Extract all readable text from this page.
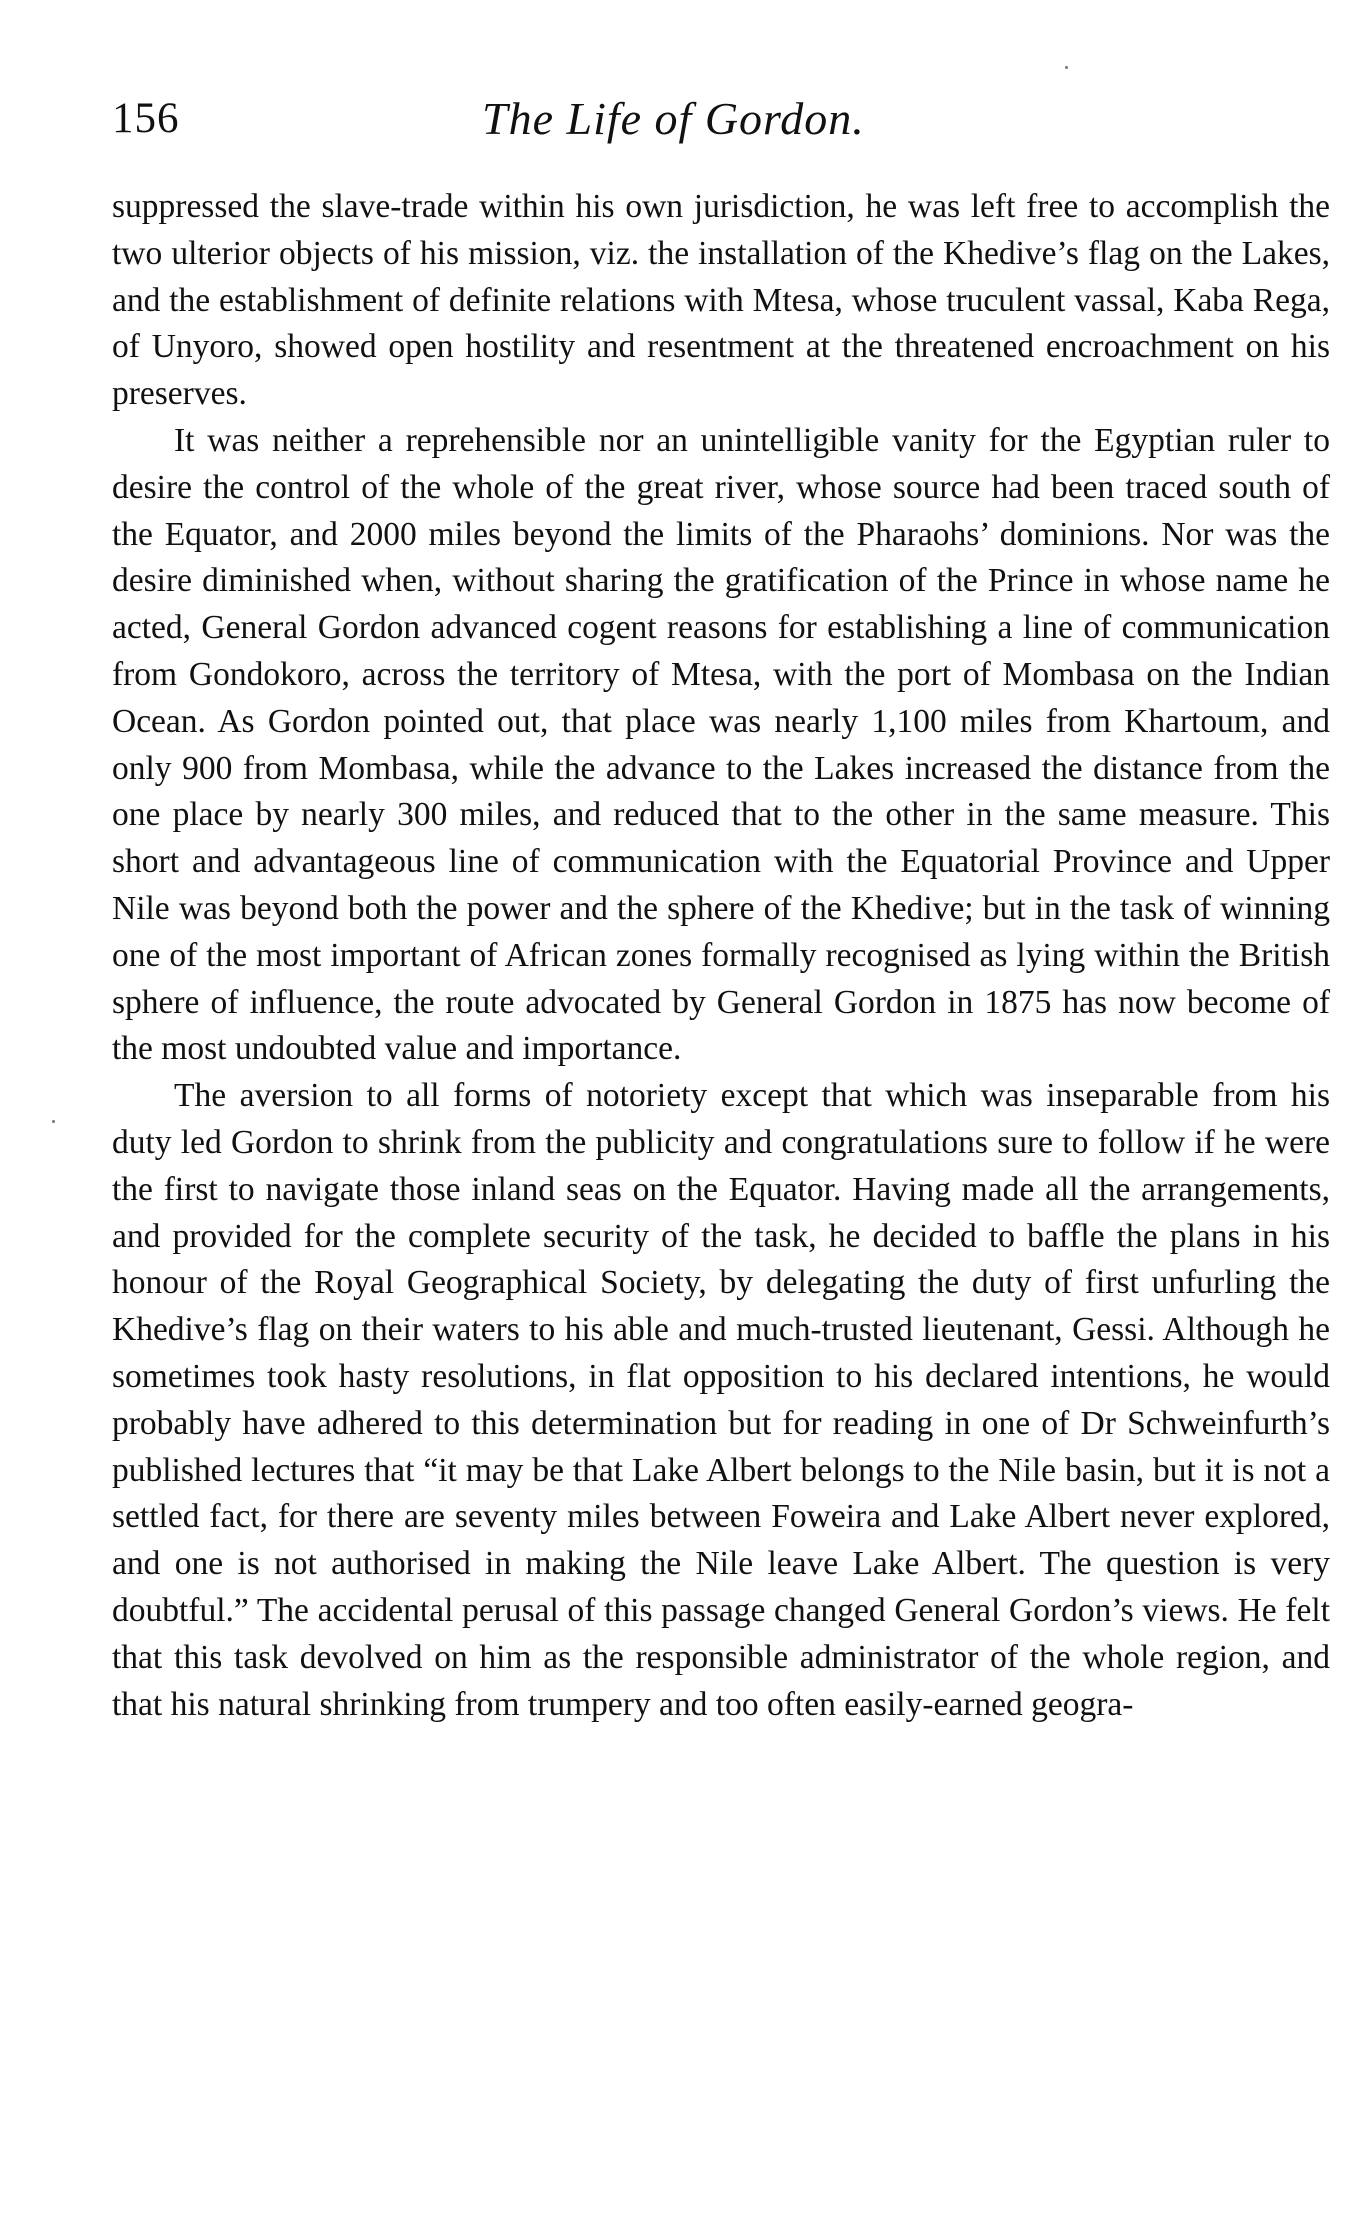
156	The Life of Gordon.

suppressed the slave-trade within his own jurisdiction, he was left free to accomplish the two ulterior objects of his mission, viz. the installation of the Khedive’s flag on the Lakes, and the establishment of definite relations with Mtesa, whose truculent vassal, Kaba Rega, of Unyoro, showed open hostility and resentment at the threatened encroachment on his preserves.

It was neither a reprehensible nor an unintelligible vanity for the Egyptian ruler to desire the control of the whole of the great river, whose source had been traced south of the Equator, and 2000 miles beyond the limits of the Pharaohs’ dominions. Nor was the desire diminished when, without sharing the gratification of the Prince in whose name he acted, General Gordon advanced cogent reasons for establishing a line of communication from Gondokoro, across the territory of Mtesa, with the port of Mombasa on the Indian Ocean. As Gordon pointed out, that place was nearly 1,100 miles from Khartoum, and only 900 from Mombasa, while the advance to the Lakes increased the distance from the one place by nearly 300 miles, and reduced that to the other in the same measure. This short and advantageous line of communication with the Equatorial Province and Upper Nile was beyond both the power and the sphere of the Khedive; but in the task of winning one of the most important of African zones formally recognised as lying within the British sphere of influence, the route advocated by General Gordon in 1875 has now become of the most undoubted value and importance.

The aversion to all forms of notoriety except that which was inseparable from his duty led Gordon to shrink from the publicity and congratulations sure to follow if he were the first to navigate those inland seas on the Equator. Having made all the arrangements, and provided for the complete security of the task, he decided to baffle the plans in his honour of the Royal Geographical Society, by delegating the duty of first unfurling the Khedive’s flag on their waters to his able and much-trusted lieutenant, Gessi. Although he sometimes took hasty resolutions, in flat opposition to his declared intentions, he would probably have adhered to this determination but for reading in one of Dr Schweinfurth’s published lectures that “it may be that Lake Albert belongs to the Nile basin, but it is not a settled fact, for there are seventy miles between Foweira and Lake Albert never explored, and one is not authorised in making the Nile leave Lake Albert. The question is very doubtful.” The accidental perusal of this passage changed General Gordon’s views. He felt that this task devolved on him as the responsible administrator of the whole region, and that his natural shrinking from trumpery and too often easily-earned geogra-
